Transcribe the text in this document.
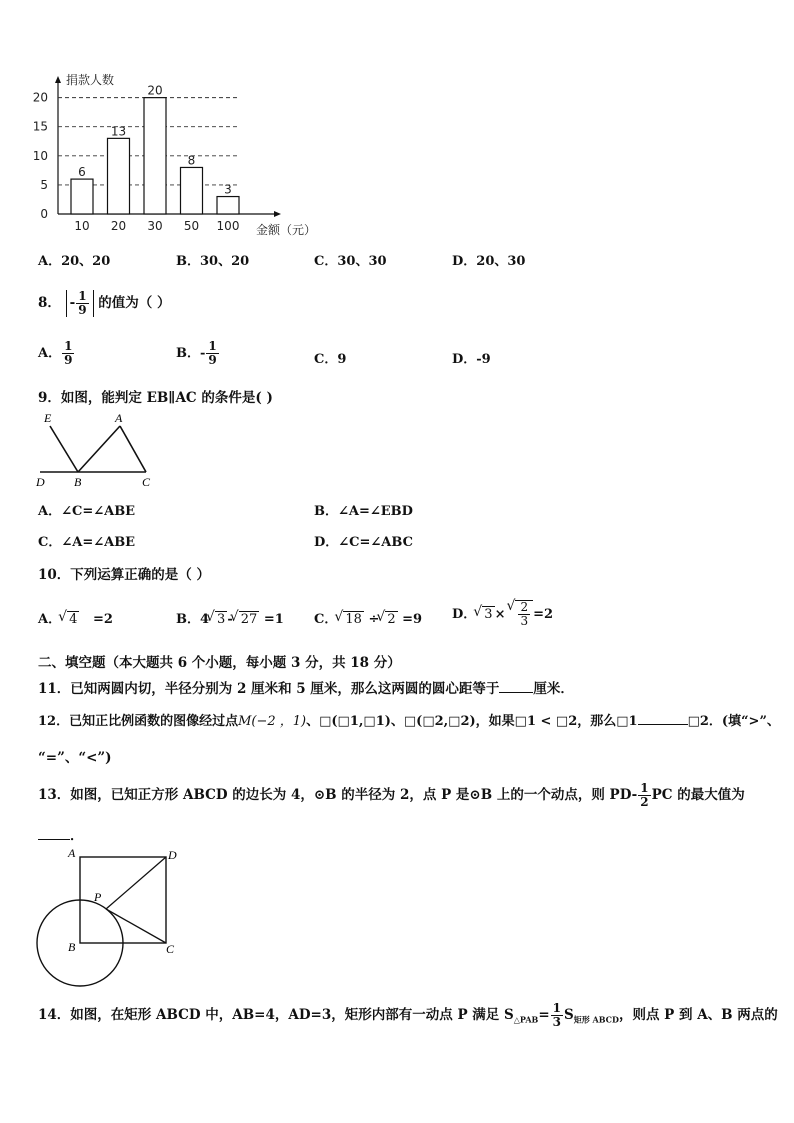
0
5
10
15
20
捐款人数
6
10
13
20
20
30
8
50
3
100 金额（元）
A．20、20	B．30、20	C．30、30	D．20、30
8． - $\frac{1}{9}$ 的值为（ ）
A． $\frac{1}{9}$	B．- $\frac{1}{9}$	C．9	D．-9
9．如图，能判定 EB∥AC 的条件是( )
E	A
D B	C
A．∠C=∠ABE	B．∠A=∠EBD
C．∠A=∠ABE	D．∠C=∠ABC
10．下列运算正确的是（ ）
A． √ 4 =2	B．4 √ 3 - √ 27 =1 C． √ 18 ÷ √ 2 =9 D． √ 3 × √ $\frac{2}{3} =2$
二、填空题（本大题共 6 个小题，每小题 3 分，共 18 分）
11．已知两圆内切，半径分别为 2 厘米和 5 厘米，那么这两圆的圆心距等于	厘米．
12．已知正比例函数的图像经过点M(−2 ，1)、□(□1,□1)、□(□2,□2)，如果□1 < □2，那么□1	□2．(填“>”、
“=”、“<”)
13．如图，已知正方形 ABCD 的边长为 4，⊙B 的半径为 2，点 P 是⊙B 上的一个动点，则 $PD- \frac{1}{2}$ PC 的最大值为
．
A	D
P
B	C
14．如图，在矩形 ABCD 中，AB=4，AD=3，矩形内部有一动点 P 满足 $S_{\triangle PAB}= \frac{1}{3} S_{矩形 ABCD}$，则点 P 到 A、B 两点的
